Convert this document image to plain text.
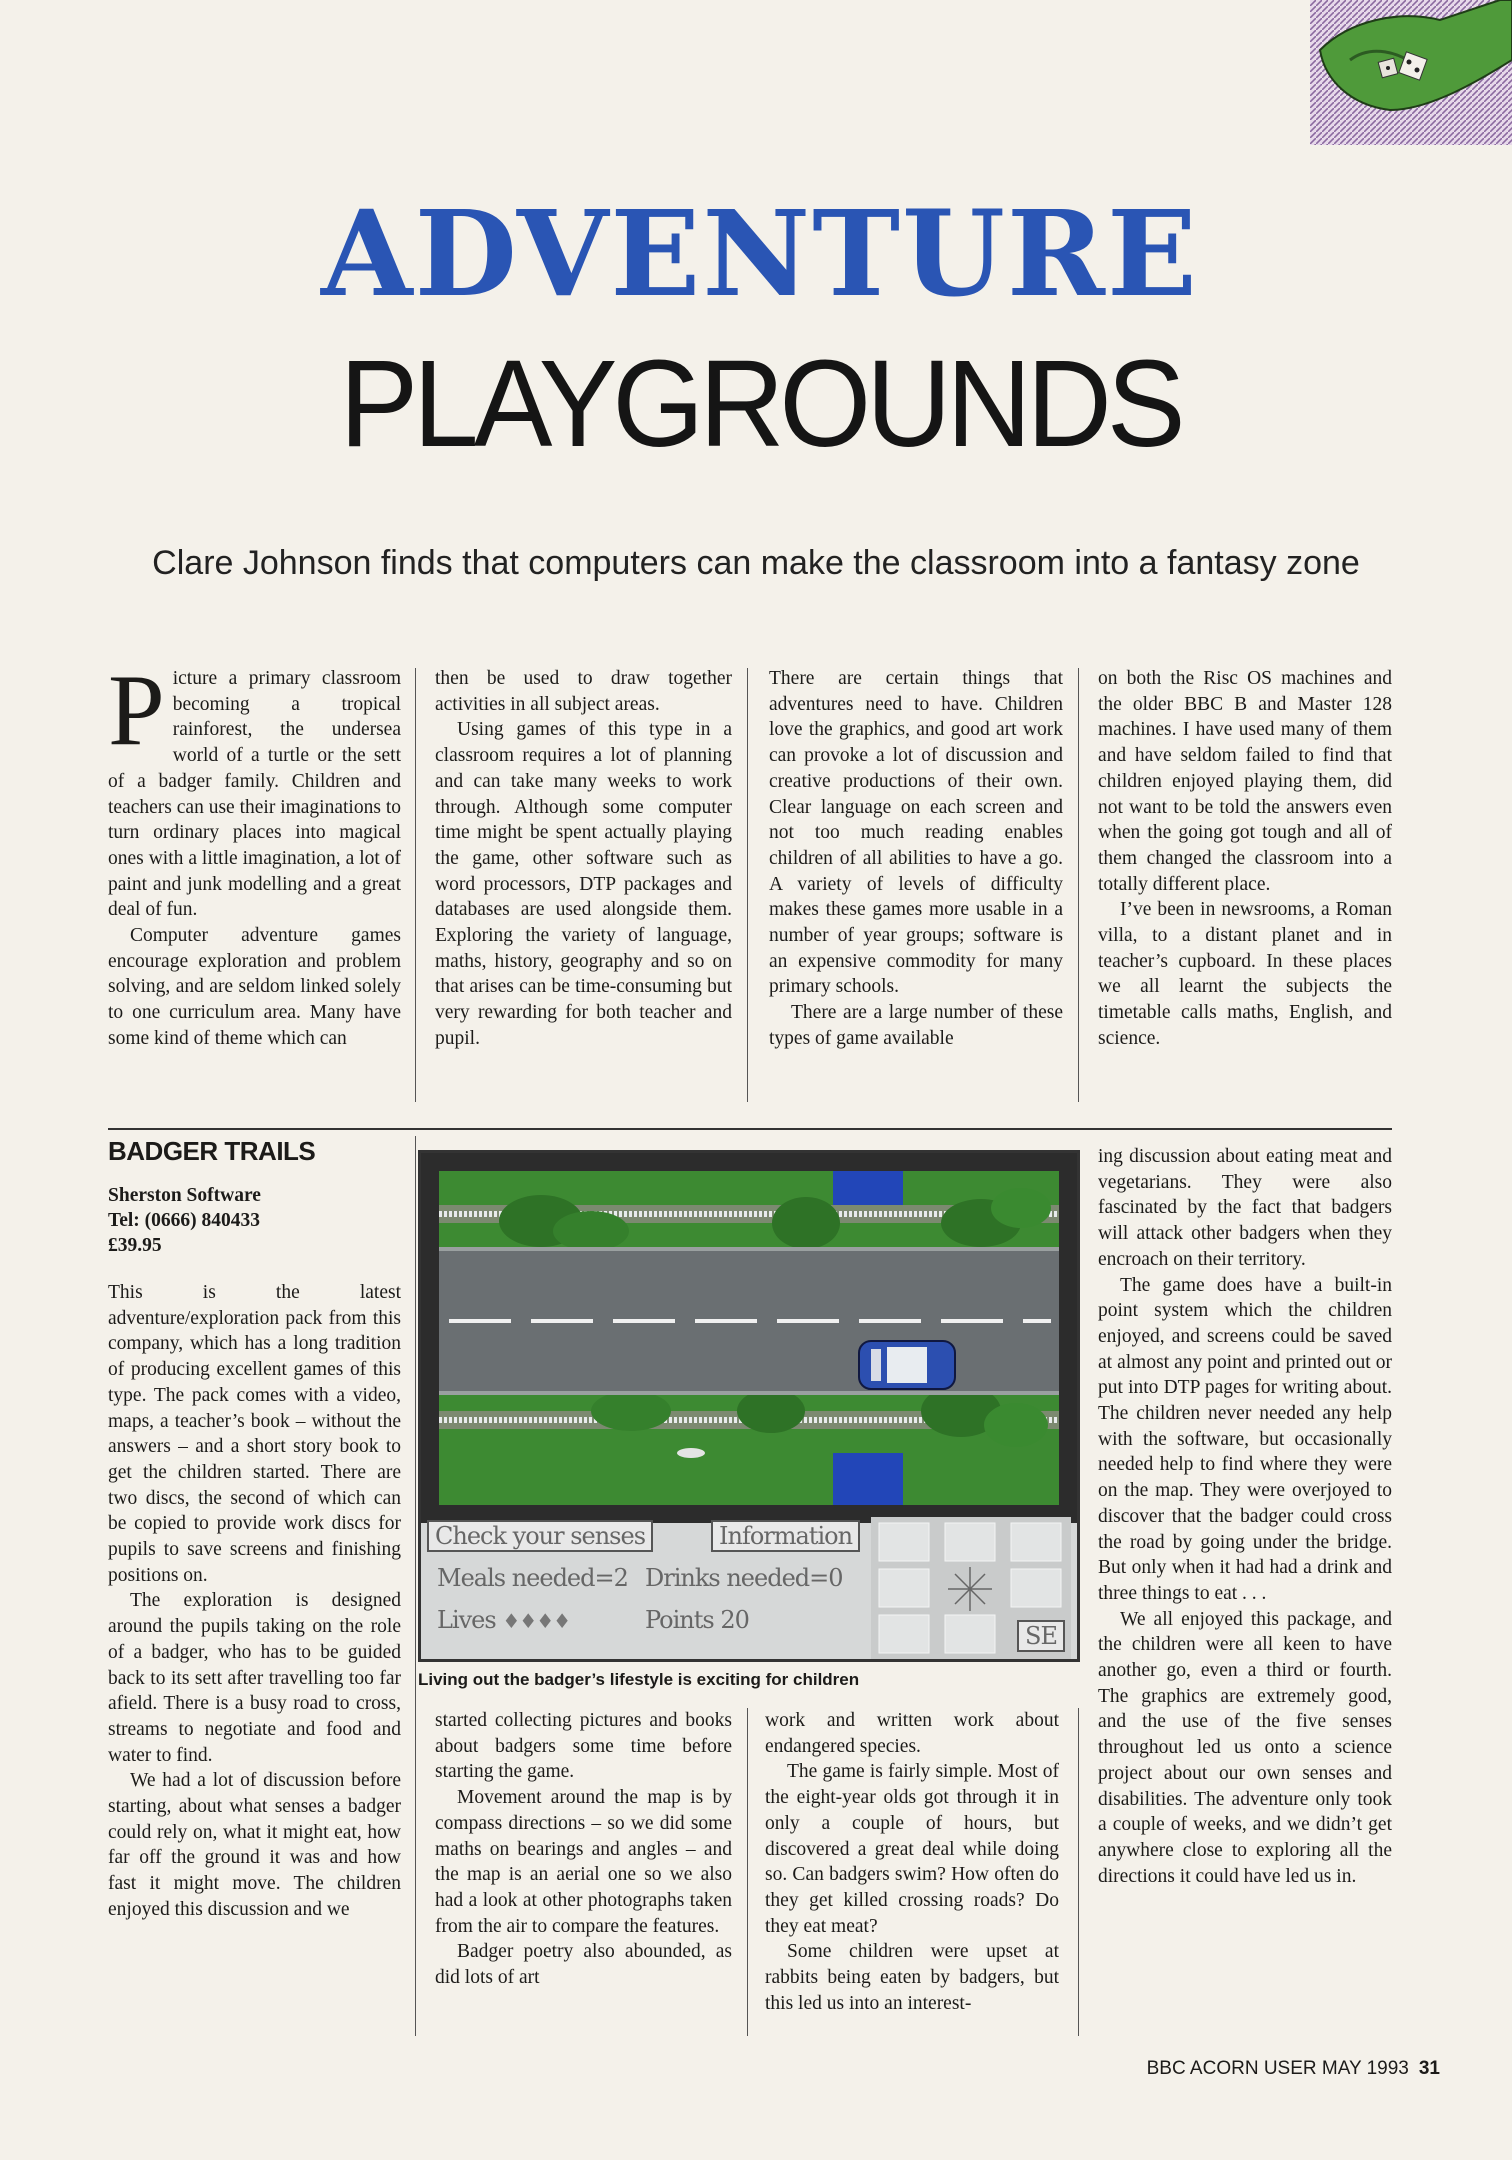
ADVENTURE
PLAYGROUNDS
Clare Johnson finds that computers can make the classroom into a fantasy zone

Picture a primary classroom becoming a tropical rainforest, the undersea world of a turtle or the sett of a badger family. Children and teachers can use their imaginations to turn ordinary places into magical ones with a little imagination, a lot of paint and junk modelling and a great deal of fun.

Computer adventure games encourage exploration and problem solving, and are seldom linked solely to one curriculum area. Many have some kind of theme which can

then be used to draw together activities in all subject areas.

Using games of this type in a classroom requires a lot of planning and can take many weeks to work through. Although some computer time might be spent actually playing the game, other software such as word processors, DTP packages and databases are used alongside them. Exploring the variety of language, maths, history, geography and so on that arises can be time-consuming but very rewarding for both teacher and pupil.

There are certain things that adventures need to have. Children love the graphics, and good art work can provoke a lot of discussion and creative productions of their own. Clear language on each screen and not too much reading enables children of all abilities to have a go. A variety of levels of difficulty makes these games more usable in a number of year groups; software is an expensive commodity for many primary schools.

There are a large number of these types of game available

on both the Risc OS machines and the older BBC B and Master 128 machines. I have used many of them and have seldom failed to find that children enjoyed playing them, did not want to be told the answers even when the going got tough and all of them changed the classroom into a totally different place.

I’ve been in newsrooms, a Roman villa, to a distant planet and in teacher’s cupboard. In these places we all learnt the subjects the timetable calls maths, English, and science.

BADGER TRAILS
Sherston Software
Tel: (0666) 840433
£39.95

This is the latest adventure/exploration pack from this company, which has a long tradition of producing excellent games of this type. The pack comes with a video, maps, a teacher’s book – without the answers – and a short story book to get the children started. There are two discs, the second of which can be copied to provide work discs for pupils to save screens and finishing positions on.

The exploration is designed around the pupils taking on the role of a badger, who has to be guided back to its sett after travelling too far afield. There is a busy road to cross, streams to negotiate and food and water to find.

We had a lot of discussion before starting, about what senses a badger could rely on, what it might eat, how far off the ground it was and how fast it might move. The children enjoyed this discussion and we

Check your senses	Information
Meals needed=2 Drinks needed=0
Lives ♦♦♦♦	Points 20
SE
Living out the badger’s lifestyle is exciting for children

started collecting pictures and books about badgers some time before starting the game.

Movement around the map is by compass directions – so we did some maths on bearings and angles – and the map is an aerial one so we also had a look at other photographs taken from the air to compare the features.

Badger poetry also abounded, as did lots of art

work and written work about endangered species.

The game is fairly simple. Most of the eight-year olds got through it in only a couple of hours, but discovered a great deal while doing so. Can badgers swim? How often do they get killed crossing roads? Do they eat meat?

Some children were upset at rabbits being eaten by badgers, but this led us into an interest-

ing discussion about eating meat and vegetarians. They were also fascinated by the fact that badgers will attack other badgers when they encroach on their territory.

The game does have a built-in point system which the children enjoyed, and screens could be saved at almost any point and printed out or put into DTP pages for writing about. The children never needed any help with the software, but occasionally needed help to find where they were on the map. They were overjoyed to discover that the badger could cross the road by going under the bridge. But only when it had had a drink and three things to eat . . .

We all enjoyed this package, and the children were all keen to have another go, even a third or fourth. The graphics are extremely good, and the use of the five senses throughout led us onto a science project about our own senses and disabilities. The adventure only took a couple of weeks, and we didn’t get anywhere close to exploring all the directions it could have led us in.

BBC ACORN USER MAY 1993 31
